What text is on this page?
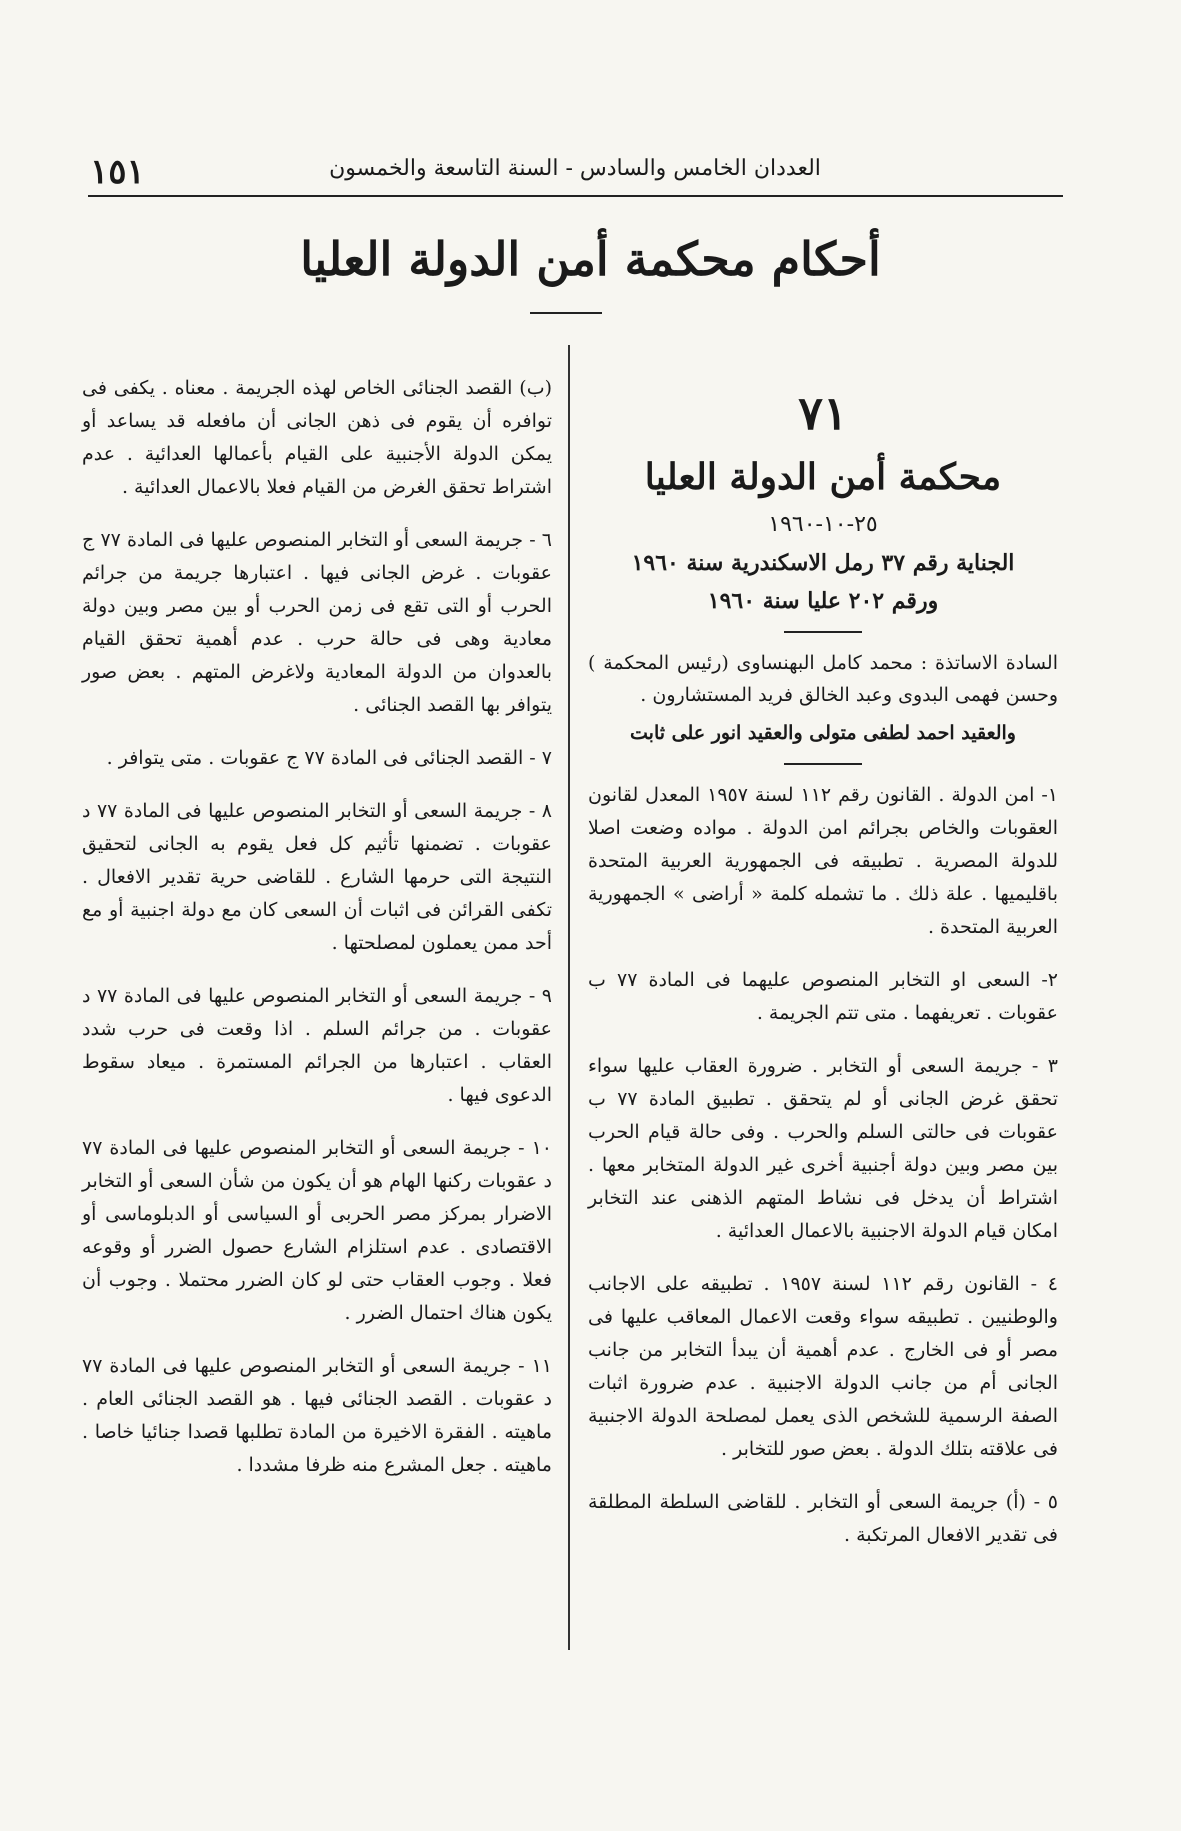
١٥١	العددان الخامس والسادس - السنة التاسعة والخمسون
أحكام محكمة أمن الدولة العليا
٧١
محكمة أمن الدولة العليا
٢٥-١٠-١٩٦٠
الجناية رقم ٣٧ رمل الاسكندرية سنة ١٩٦٠
ورقم ٢٠٢ عليا سنة ١٩٦٠
السادة الاساتذة : محمد كامل البهنساوى (رئيس المحكمة ) وحسن فهمى البدوى وعبد الخالق فريد المستشارون .
والعقيد احمد لطفى متولى والعقيد انور على ثابت
١- امن الدولة . القانون رقم ١١٢ لسنة ١٩٥٧ المعدل لقانون العقوبات والخاص بجرائم امن الدولة . مواده وضعت اصلا للدولة المصرية . تطبيقه فى الجمهورية العربية المتحدة باقليميها . علة ذلك . ما تشمله كلمة « أراضى » الجمهورية العربية المتحدة .
٢- السعى او التخابر المنصوص عليهما فى المادة ٧٧ ب عقوبات . تعريفهما . متى تتم الجريمة .
٣ - جريمة السعى أو التخابر . ضرورة العقاب عليها سواء تحقق غرض الجانى أو لم يتحقق . تطبيق المادة ٧٧ ب عقوبات فى حالتى السلم والحرب . وفى حالة قيام الحرب بين مصر وبين دولة أجنبية أخرى غير الدولة المتخابر معها . اشتراط أن يدخل فى نشاط المتهم الذهنى عند التخابر امكان قيام الدولة الاجنبية بالاعمال العدائية .
٤ - القانون رقم ١١٢ لسنة ١٩٥٧ . تطبيقه على الاجانب والوطنيين . تطبيقه سواء وقعت الاعمال المعاقب عليها فى مصر أو فى الخارج . عدم أهمية أن يبدأ التخابر من جانب الجانى أم من جانب الدولة الاجنبية . عدم ضرورة اثبات الصفة الرسمية للشخص الذى يعمل لمصلحة الدولة الاجنبية فى علاقته بتلك الدولة . بعض صور للتخابر .
٥ - (أ) جريمة السعى أو التخابر . للقاضى السلطة المطلقة فى تقدير الافعال المرتكبة .
(ب) القصد الجنائى الخاص لهذه الجريمة . معناه . يكفى فى توافره أن يقوم فى ذهن الجانى أن مافعله قد يساعد أو يمكن الدولة الأجنبية على القيام بأعمالها العدائية . عدم اشتراط تحقق الغرض من القيام فعلا بالاعمال العدائية .
٦ - جريمة السعى أو التخابر المنصوص عليها فى المادة ٧٧ ج عقوبات . غرض الجانى فيها . اعتبارها جريمة من جرائم الحرب أو التى تقع فى زمن الحرب أو بين مصر وبين دولة معادية وهى فى حالة حرب . عدم أهمية تحقق القيام بالعدوان من الدولة المعادية ولاغرض المتهم . بعض صور يتوافر بها القصد الجنائى .
٧ - القصد الجنائى فى المادة ٧٧ ج عقوبات . متى يتوافر .
٨ - جريمة السعى أو التخابر المنصوص عليها فى المادة ٧٧ د عقوبات . تضمنها تأثيم كل فعل يقوم به الجانى لتحقيق النتيجة التى حرمها الشارع . للقاضى حرية تقدير الافعال . تكفى القرائن فى اثبات أن السعى كان مع دولة اجنبية أو مع أحد ممن يعملون لمصلحتها .
٩ - جريمة السعى أو التخابر المنصوص عليها فى المادة ٧٧ د عقوبات . من جرائم السلم . اذا وقعت فى حرب شدد العقاب . اعتبارها من الجرائم المستمرة . ميعاد سقوط الدعوى فيها .
١٠ - جريمة السعى أو التخابر المنصوص عليها فى المادة ٧٧ د عقوبات ركنها الهام هو أن يكون من شأن السعى أو التخابر الاضرار بمركز مصر الحربى أو السياسى أو الدبلوماسى أو الاقتصادى . عدم استلزام الشارع حصول الضرر أو وقوعه فعلا . وجوب العقاب حتى لو كان الضرر محتملا . وجوب أن يكون هناك احتمال الضرر .
١١ - جريمة السعى أو التخابر المنصوص عليها فى المادة ٧٧ د عقوبات . القصد الجنائى فيها . هو القصد الجنائى العام . ماهيته . الفقرة الاخيرة من المادة تطلبها قصدا جنائيا خاصا . ماهيته . جعل المشرع منه ظرفا مشددا .
